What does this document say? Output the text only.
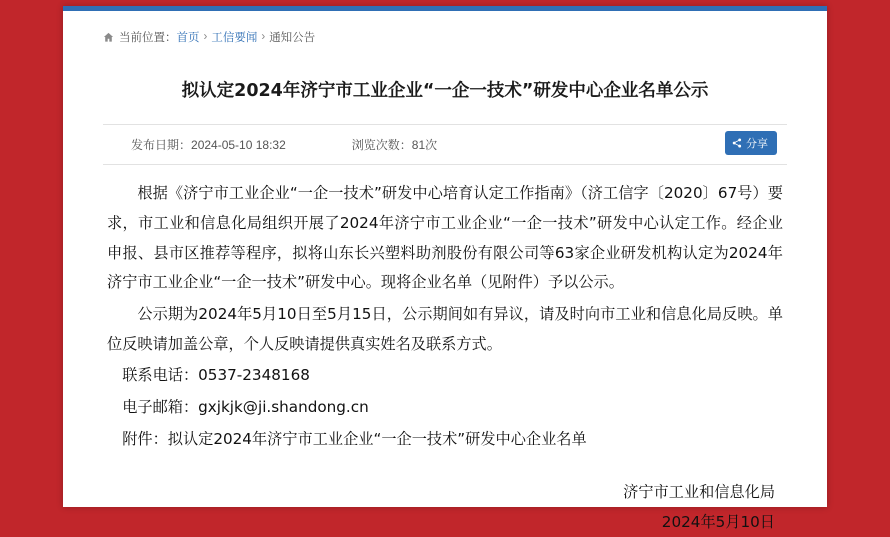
当前位置： 首页 › 工信要闻 › 通知公告
拟认定2024年济宁市工业企业“一企一技术”研发中心企业名单公示
发布日期：2024-05-10 18:32	浏览次数：81次	分享

根据《济宁市工业企业“一企一技术”研发中心培育认定工作指南》（济工信字〔2020〕67号）要求，市工业和信息化局组织开展了2024年济宁市工业企业“一企一技术”研发中心认定工作。经企业申报、县市区推荐等程序，拟将山东长兴塑料助剂股份有限公司等63家企业研发机构认定为2024年济宁市工业企业“一企一技术”研发中心。现将企业名单（见附件）予以公示。

公示期为2024年5月10日至5月15日，公示期间如有异议，请及时向市工业和信息化局反映。单位反映请加盖公章，个人反映请提供真实姓名及联系方式。

联系电话：0537-2348168

电子邮箱：gxjkjk@ji.shandong.cn

附件：拟认定2024年济宁市工业企业“一企一技术”研发中心企业名单

济宁市工业和信息化局
2024年5月10日
